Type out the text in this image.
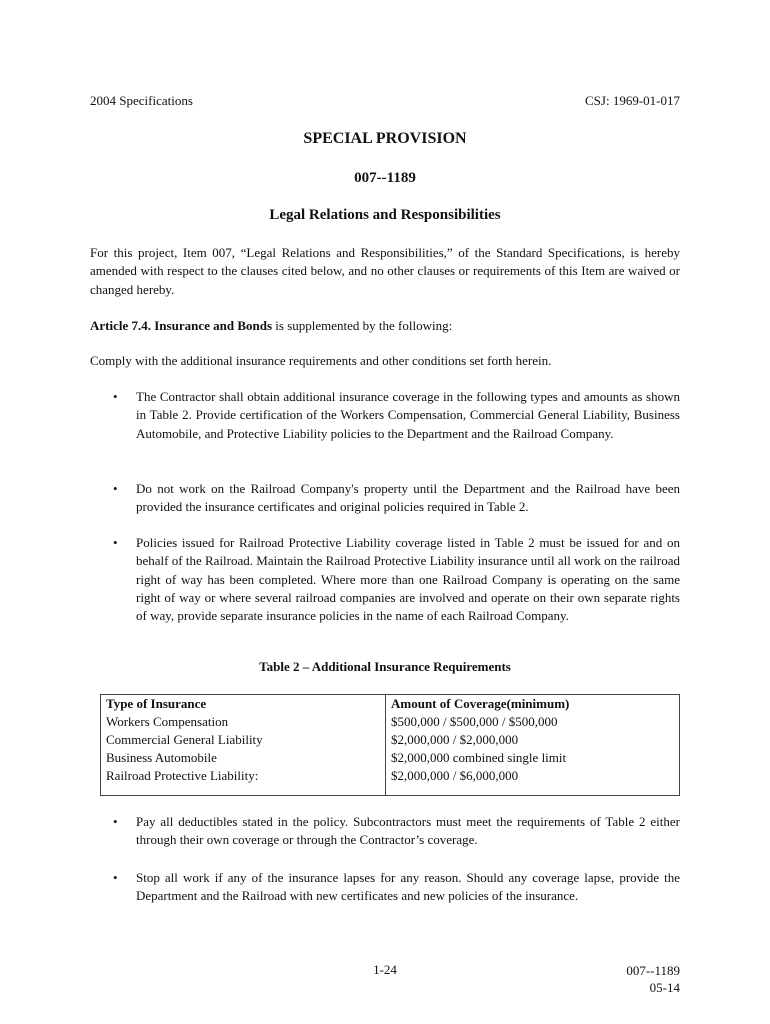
2004 Specifications	CSJ: 1969-01-017
SPECIAL PROVISION
007--1189
Legal Relations and Responsibilities
For this project, Item 007, “Legal Relations and Responsibilities,” of the Standard Specifications, is hereby amended with respect to the clauses cited below, and no other clauses or requirements of this Item are waived or changed hereby.
Article 7.4. Insurance and Bonds is supplemented by the following:
Comply with the additional insurance requirements and other conditions set forth herein.
•	The Contractor shall obtain additional insurance coverage in the following types and amounts as shown in Table 2. Provide certification of the Workers Compensation, Commercial General Liability, Business Automobile, and Protective Liability policies to the Department and the Railroad Company.
•	Do not work on the Railroad Company's property until the Department and the Railroad have been provided the insurance certificates and original policies required in Table 2.
•	Policies issued for Railroad Protective Liability coverage listed in Table 2 must be issued for and on behalf of the Railroad. Maintain the Railroad Protective Liability insurance until all work on the railroad right of way has been completed. Where more than one Railroad Company is operating on the same right of way or where several railroad companies are involved and operate on their own separate rights of way, provide separate insurance policies in the name of each Railroad Company.
Table 2 – Additional Insurance Requirements
Type of Insurance	Amount of Coverage(minimum)
Workers Compensation	$500,000 / $500,000 / $500,000
Commercial General Liability	$2,000,000 / $2,000,000
Business Automobile	$2,000,000 combined single limit
Railroad Protective Liability:	$2,000,000 / $6,000,000
•	Pay all deductibles stated in the policy. Subcontractors must meet the requirements of Table 2 either through their own coverage or through the Contractor’s coverage.
•	Stop all work if any of the insurance lapses for any reason. Should any coverage lapse, provide the Department and the Railroad with new certificates and new policies of the insurance.
1-24	007--1189
05-14
